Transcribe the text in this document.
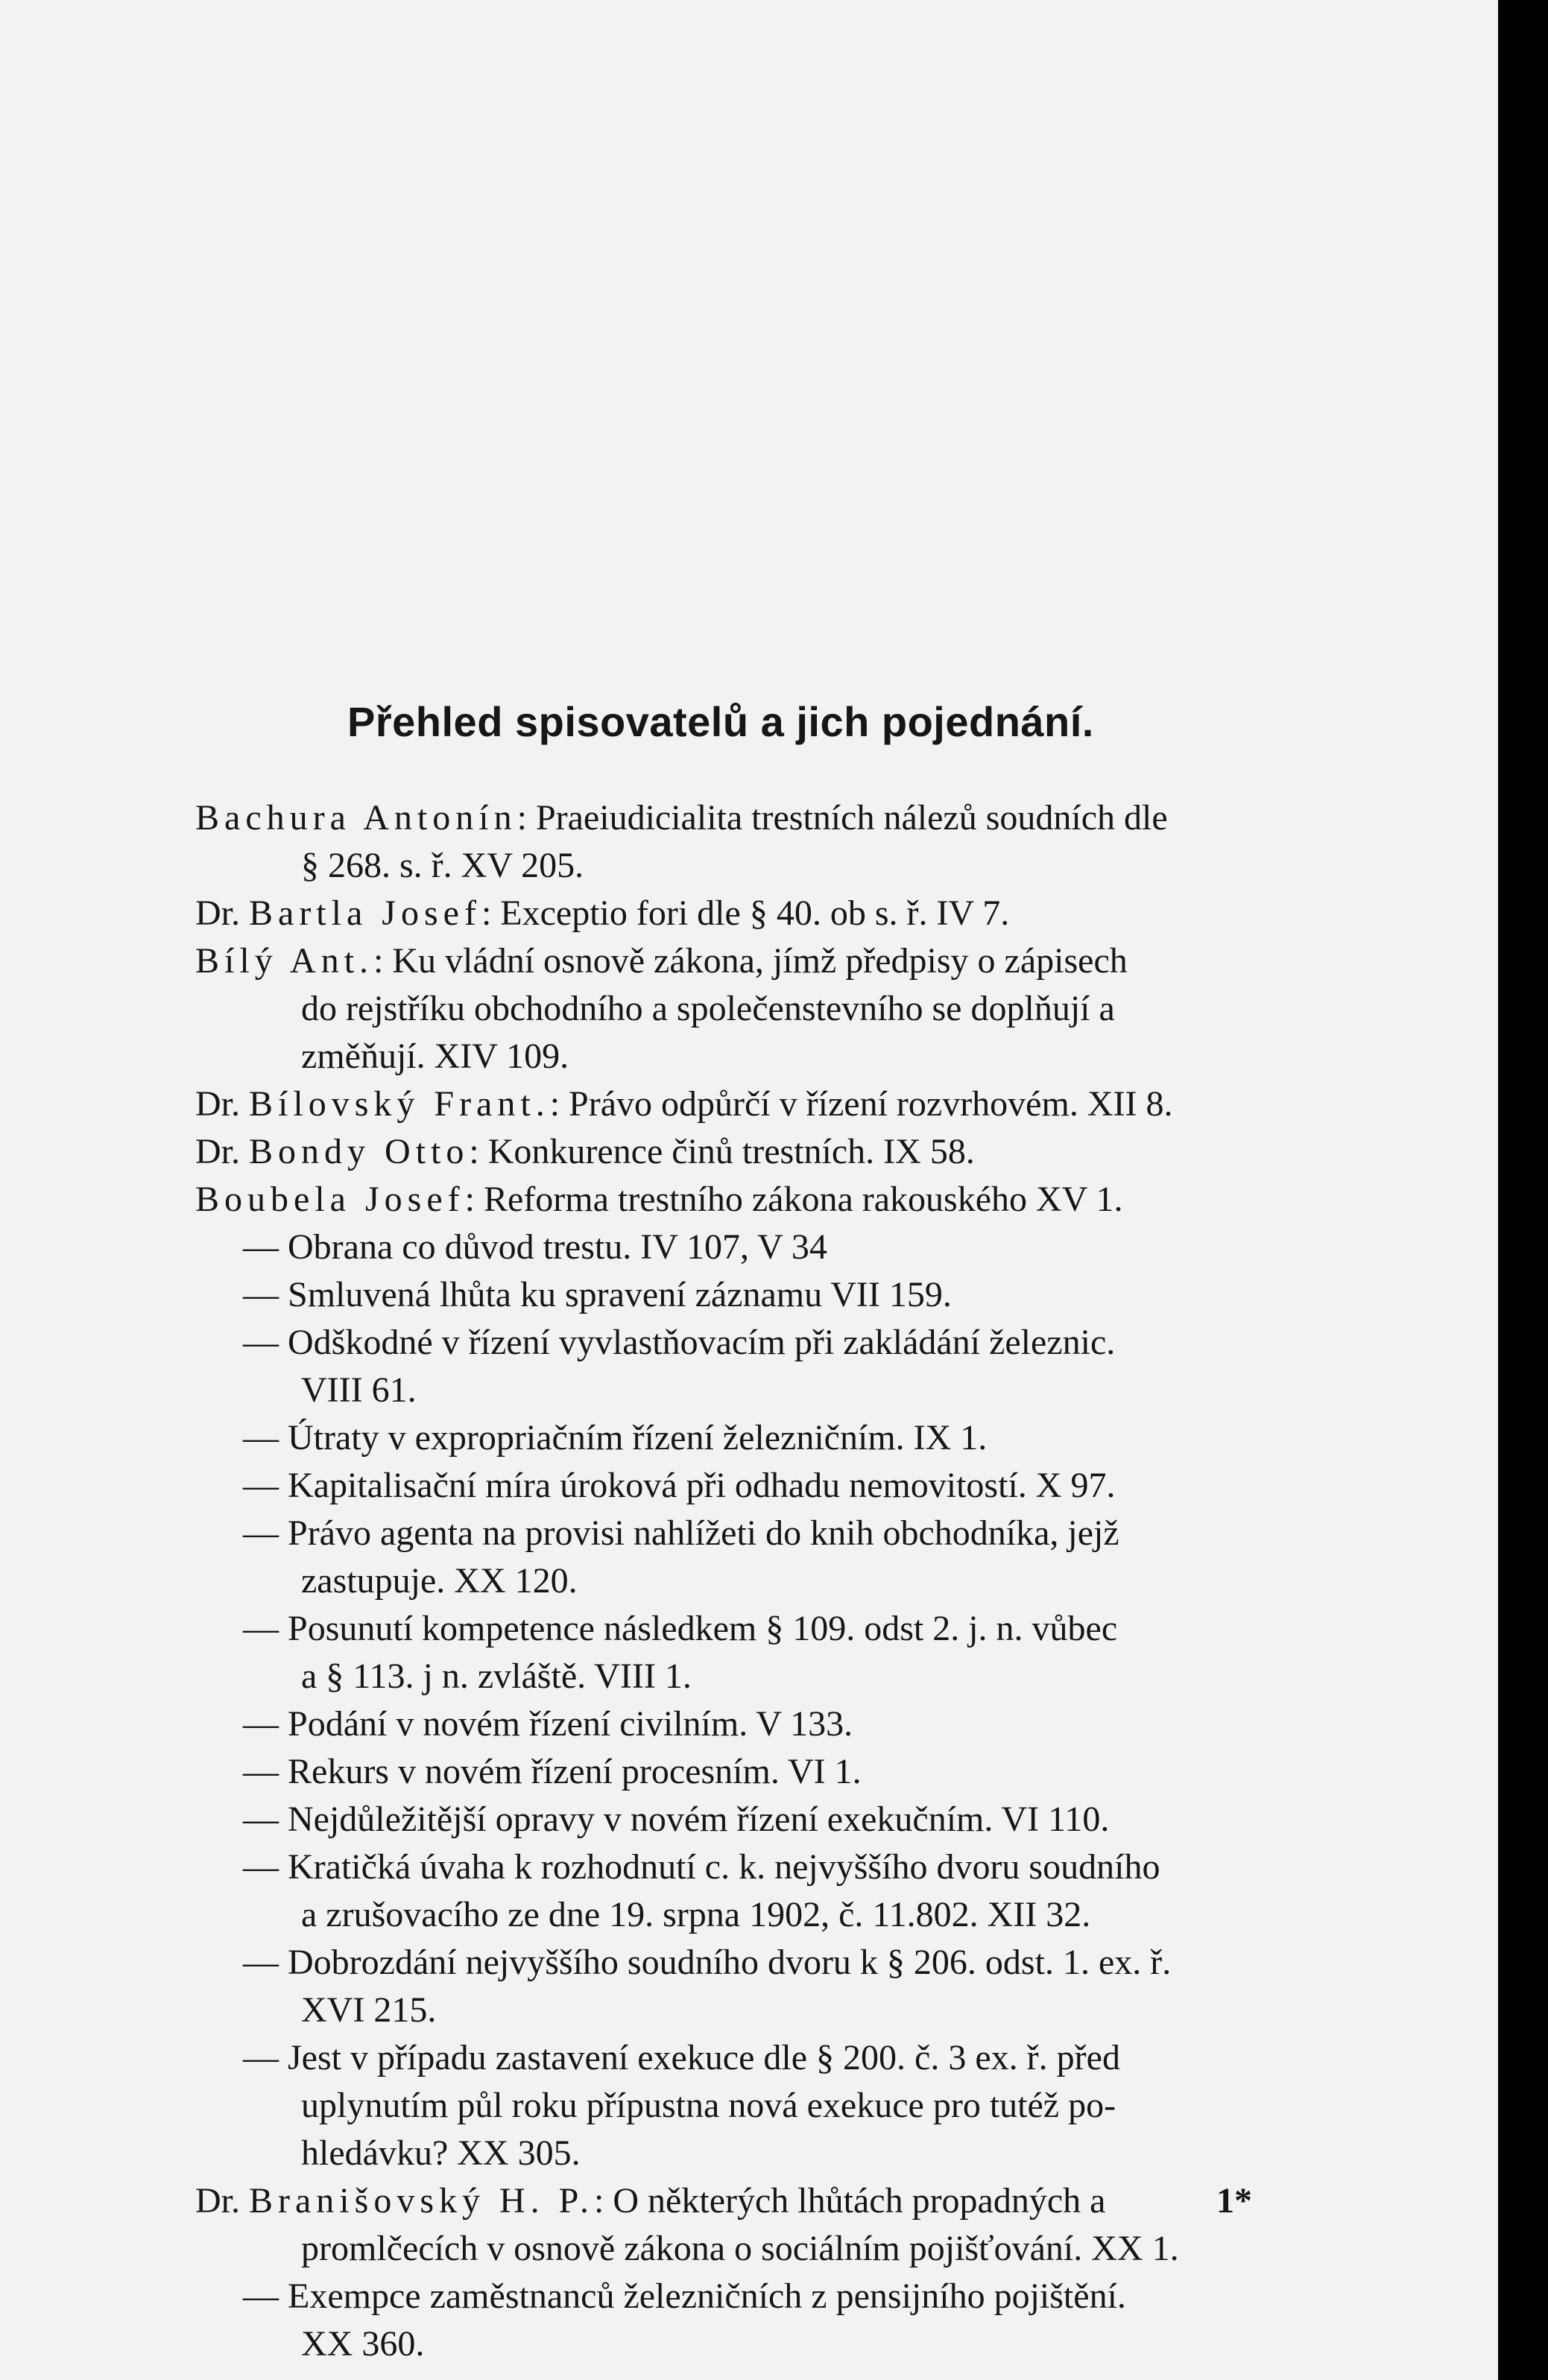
Přehled spisovatelů a jich pojednání.
Bachura Antonín: Praeiudicialita trestních nálezů soudních dle
§ 268. s. ř. XV 205.
Dr. Bartla Josef: Exceptio fori dle § 40. ob s. ř. IV 7.
Bílý Ant.: Ku vládní osnově zákona, jímž předpisy o zápisech
do rejstříku obchodního a společenstevního se doplňují a
změňují. XIV 109.
Dr. Bílovský Frant.: Právo odpůrčí v řízení rozvrhovém. XII 8.
Dr. Bondy Otto: Konkurence činů trestních. IX 58.
Boubela Josef: Reforma trestního zákona rakouského XV 1.
— Obrana co důvod trestu. IV 107, V 34
— Smluvená lhůta ku spravení záznamu VII 159.
— Odškodné v řízení vyvlastňovacím při zakládání železnic.
VIII 61.
— Útraty v expropriačním řízení železničním. IX 1.
— Kapitalisační míra úroková při odhadu nemovitostí. X 97.
— Právo agenta na provisi nahlížeti do knih obchodníka, jejž
zastupuje. XX 120.
— Posunutí kompetence následkem § 109. odst 2. j. n. vůbec
a § 113. j n. zvláště. VIII 1.
— Podání v novém řízení civilním. V 133.
— Rekurs v novém řízení procesním. VI 1.
— Nejdůležitější opravy v novém řízení exekučním. VI 110.
— Kratičká úvaha k rozhodnutí c. k. nejvyššího dvoru soudního
a zrušovacího ze dne 19. srpna 1902, č. 11.802. XII 32.
— Dobrozdání nejvyššího soudního dvoru k § 206. odst. 1. ex. ř.
XVI 215.
— Jest v případu zastavení exekuce dle § 200. č. 3 ex. ř. před
uplynutím půl roku přípustna nová exekuce pro tutéž po-
hledávku? XX 305.
Dr. Branišovský H. P.: O některých lhůtách propadných a
promlčecích v osnově zákona o sociálním pojišťování. XX 1.
— Exempce zaměstnanců železničních z pensijního pojištění.
XX 360.
1*
